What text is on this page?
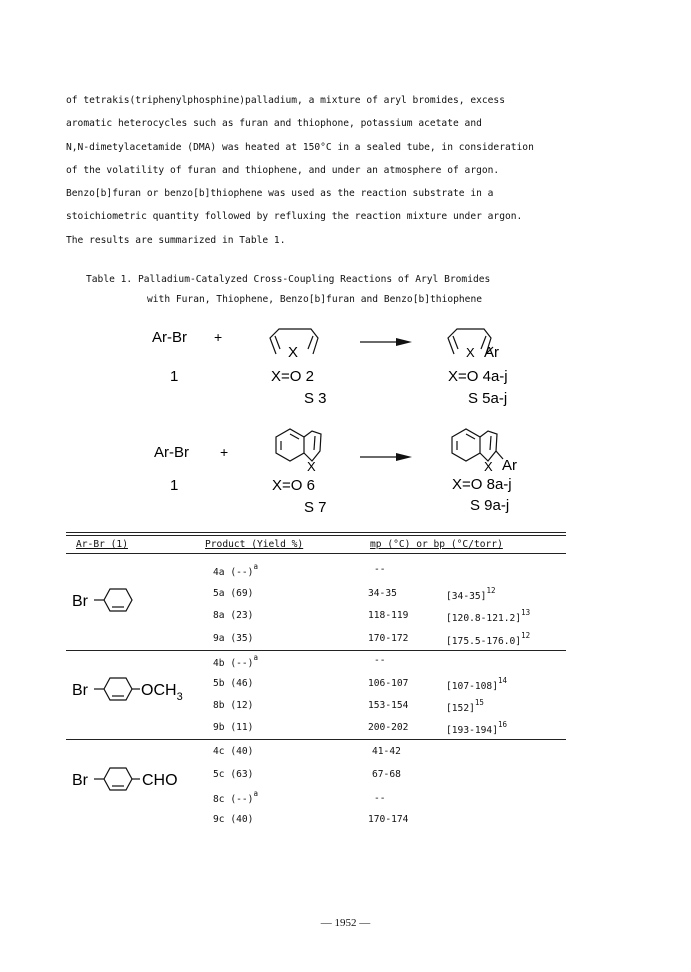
of tetrakis(triphenylphosphine)palladium, a mixture of aryl bromides, excess
aromatic heterocycles such as furan and thiophone, potassium acetate and
N,N-dimetylacetamide (DMA) was heated at 150°C in a sealed tube, in consideration
of the volatility of furan and thiophene, and under an atmosphere of argon.
Benzo[b]furan or benzo[b]thiophene was used as the reaction substrate in a
stoichiometric quantity followed by refluxing the reaction mixture under argon.
The results are summarized in Table 1.
Table 1. Palladium-Catalyzed Cross-Coupling Reactions of Aryl Bromides
with Furan, Thiophene, Benzo[b]furan and Benzo[b]thiophene
Ar-Br +
1
X
X=O 2
S 3
X Ar
X=O 4a-j
S 5a-j
Ar-Br +
1
X
X=O 6
S 7
X Ar
X=O 8a-j
S 9a-j
Br
Br	$OCH_3$
Br	CHO
Ar-Br (1)	Product (Yield %)	mp (°C) or bp (°C/torr)
4a $(--)^a$	--
5a (69)	34-35	$[34-35]^{12}$
8a (23)	118-119	$[120.8-121.2]^{13}$
9a (35)	170-172	$[175.5-176.0]^{12}$
4b $(--)^a$	--
5b (46)	106-107	$[107-108]^{14}$
8b (12)	153-154	$[152]^{15}$
9b (11)	200-202	$[193-194]^{16}$
4c (40)	41-42
5c (63)	67-68
8c $(--)^a$	--
9c (40)	170-174
— 1952 —
